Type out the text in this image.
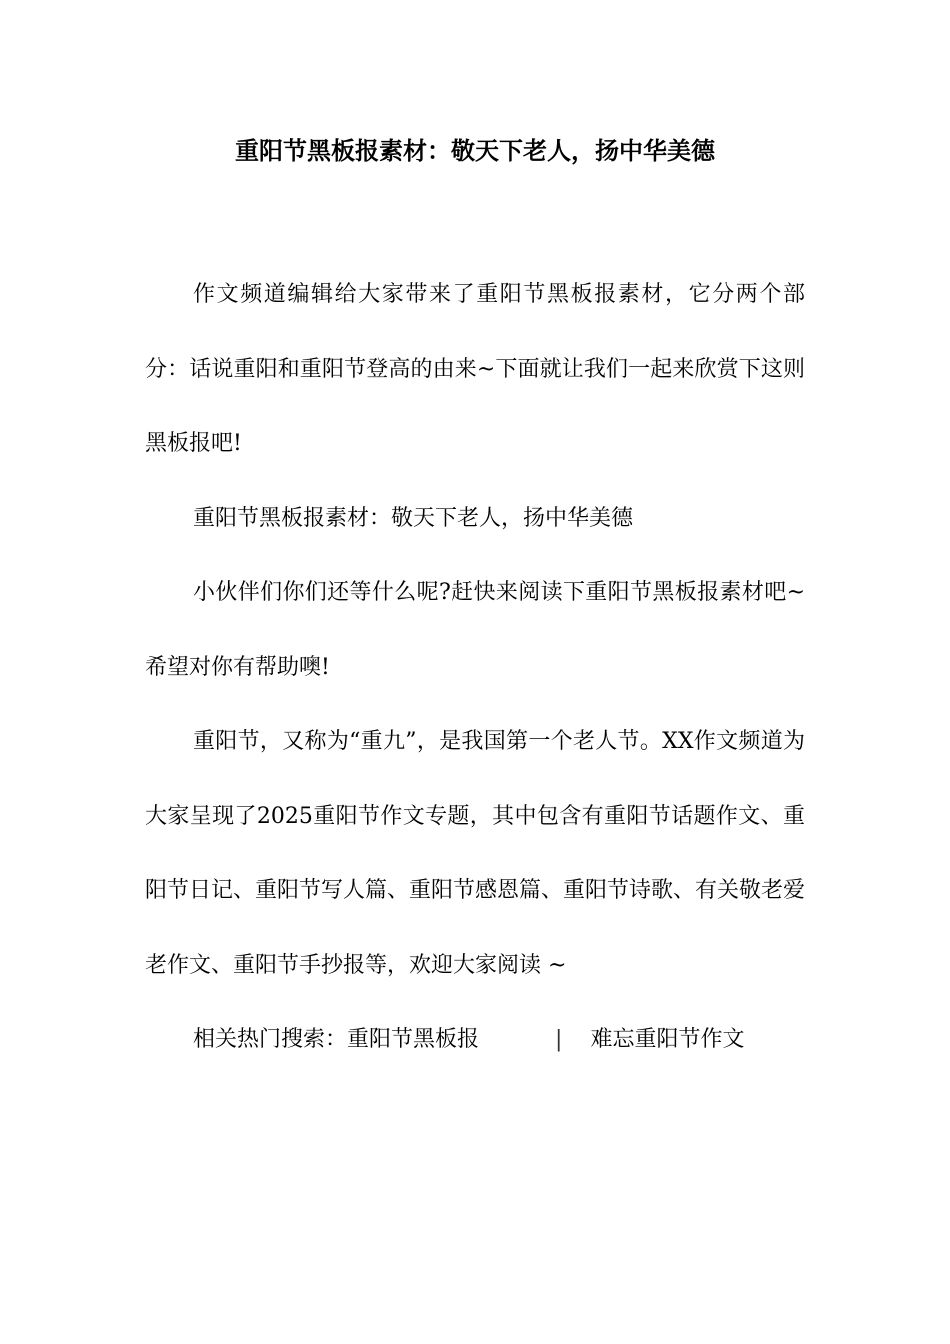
重阳节黑板报素材：敬天下老人，扬中华美德

作文频道编辑给大家带来了重阳节黑板报素材，它分两个部分：话说重阳和重阳节登高的由来~下面就让我们一起来欣赏下这则黑板报吧!

重阳节黑板报素材：敬天下老人，扬中华美德

小伙伴们你们还等什么呢?赶快来阅读下重阳节黑板报素材吧~希望对你有帮助噢!

重阳节，又称为“重九”，是我国第一个老人节。XX作文频道为大家呈现了2025重阳节作文专题，其中包含有重阳节话题作文、重阳节日记、重阳节写人篇、重阳节感恩篇、重阳节诗歌、有关敬老爱老作文、重阳节手抄报等，欢迎大家阅读 ~

相关热门搜索：重阳节黑板报	| 难忘重阳节作文
